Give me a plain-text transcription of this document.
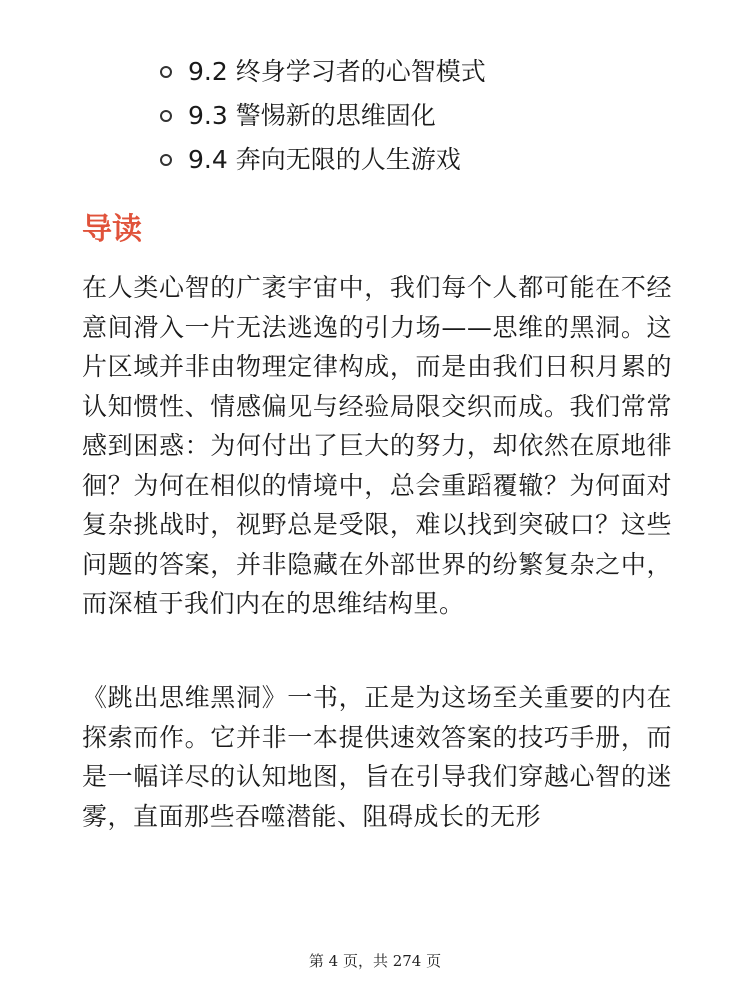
9.2 终身学习者的心智模式
9.3 警惕新的思维固化
9.4 奔向无限的人生游戏
导读

在人类心智的广袤宇宙中，我们每个人都可能在不经意间滑入一片无法逃逸的引力场——思维的黑洞。这片区域并非由物理定律构成，而是由我们日积月累的认知惯性、情感偏见与经验局限交织而成。我们常常感到困惑：为何付出了巨大的努力，却依然在原地徘徊？为何在相似的情境中，总会重蹈覆辙？为何面对复杂挑战时，视野总是受限，难以找到突破口？这些问题的答案，并非隐藏在外部世界的纷繁复杂之中，而深植于我们内在的思维结构里。

《跳出思维黑洞》一书，正是为这场至关重要的内在探索而作。它并非一本提供速效答案的技巧手册，而是一幅详尽的认知地图，旨在引导我们穿越心智的迷雾，直面那些吞噬潜能、阻碍成长的无形

第 4 页，共 274 页
